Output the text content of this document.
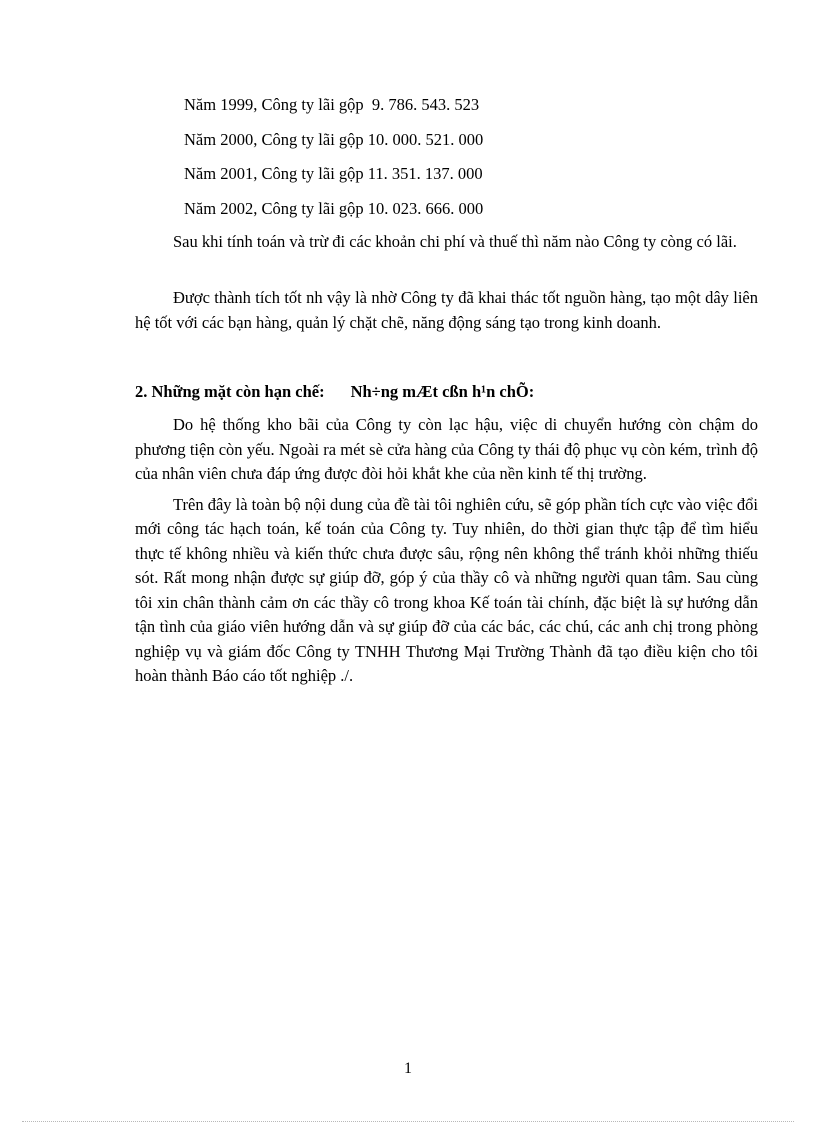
Năm 1999, Công ty lãi gộp  9. 786. 543. 523
Năm 2000, Công ty lãi gộp 10. 000. 521. 000
Năm 2001, Công ty lãi gộp 11. 351. 137. 000
Năm 2002, Công ty lãi gộp 10. 023. 666. 000

Sau khi tính toán và trừ đi các khoản chi phí và thuế thì năm nào Công ty còng có lãi.

Được thành tích tốt nh vậy là nhờ Công ty đã khai thác tốt nguồn hàng, tạo một dây liên hệ tốt với các bạn hàng, quản lý chặt chẽ, năng động sáng tạo trong kinh doanh.

2. Những mặt còn hạn chế: Nh÷ng mÆt cßn h¹n chÕ:

Do hệ thống kho bãi của Công ty còn lạc hậu, việc di chuyển hướng còn chậm do phương tiện còn yếu. Ngoài ra mét sè cửa hàng của Công ty thái độ phục vụ còn kém, trình độ của nhân viên chưa đáp ứng được đòi hỏi khắt khe của nền kinh tế thị trường.

Trên đây là toàn bộ nội dung của đề tài tôi nghiên cứu, sẽ góp phần tích cực vào việc đổi mới công tác hạch toán, kế toán của Công ty. Tuy nhiên, do thời gian thực tập để tìm hiểu thực tế không nhiều và kiến thức chưa được sâu, rộng nên không thể tránh khỏi những thiếu sót. Rất mong nhận được sự giúp đỡ, góp ý của thầy cô và những người quan tâm. Sau cùng tôi xin chân thành cảm ơn các thầy cô trong khoa Kế toán tài chính, đặc biệt là sự hướng dẫn tận tình của giáo viên hướng dẫn và sự giúp đỡ của các bác, các chú, các anh chị trong phòng nghiệp vụ và giám đốc Công ty TNHH Thương Mại Trường Thành đã tạo điều kiện cho tôi hoàn thành Báo cáo tốt nghiệp ./.

1
